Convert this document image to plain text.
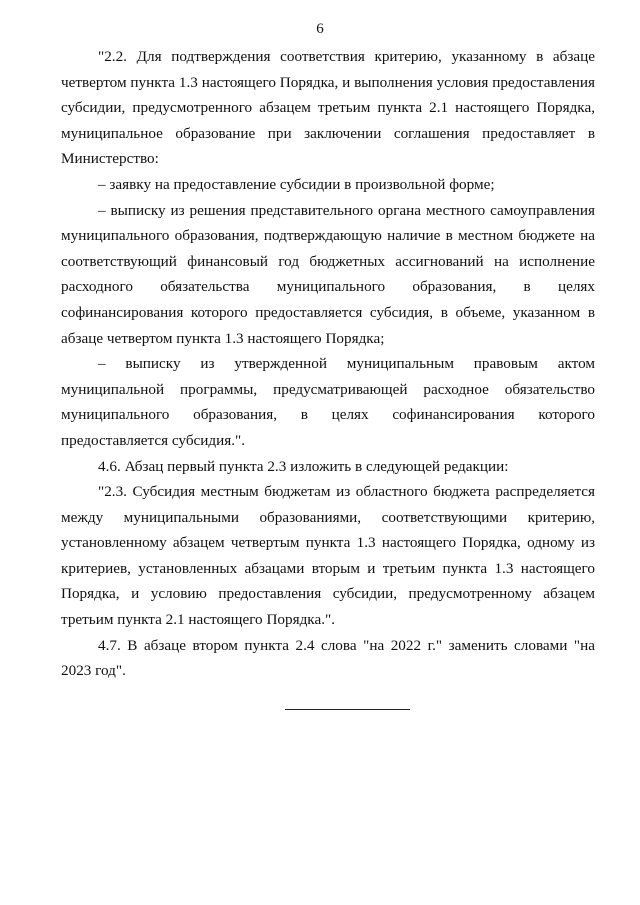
6

"2.2. Для подтверждения соответствия критерию, указанному в абзаце четвертом пункта 1.3 настоящего Порядка, и выполнения условия предоставления субсидии, предусмотренного абзацем третьим пункта 2.1 настоящего Порядка, муниципальное образование при заключении соглашения предоставляет в Министерство:

– заявку на предоставление субсидии в произвольной форме;

– выписку из решения представительного органа местного самоуправления муниципального образования, подтверждающую наличие в местном бюджете на соответствующий финансовый год бюджетных ассигнований на исполнение расходного обязательства муниципального образования, в целях софинансирования которого предоставляется субсидия, в объеме, указанном в абзаце четвертом пункта 1.3 настоящего Порядка;

– выписку из утвержденной муниципальным правовым актом муниципальной программы, предусматривающей расходное обязательство муниципального образования, в целях софинансирования которого предоставляется субсидия.".

4.6. Абзац первый пункта 2.3 изложить в следующей редакции:

"2.3. Субсидия местным бюджетам из областного бюджета распределяется между муниципальными образованиями, соответствующими критерию, установленному абзацем четвертым пункта 1.3 настоящего Порядка, одному из критериев, установленных абзацами вторым и третьим пункта 1.3 настоящего Порядка, и условию предоставления субсидии, предусмотренному абзацем третьим пункта 2.1 настоящего Порядка.".

4.7. В абзаце втором пункта 2.4 слова "на 2022 г." заменить словами "на 2023 год".
